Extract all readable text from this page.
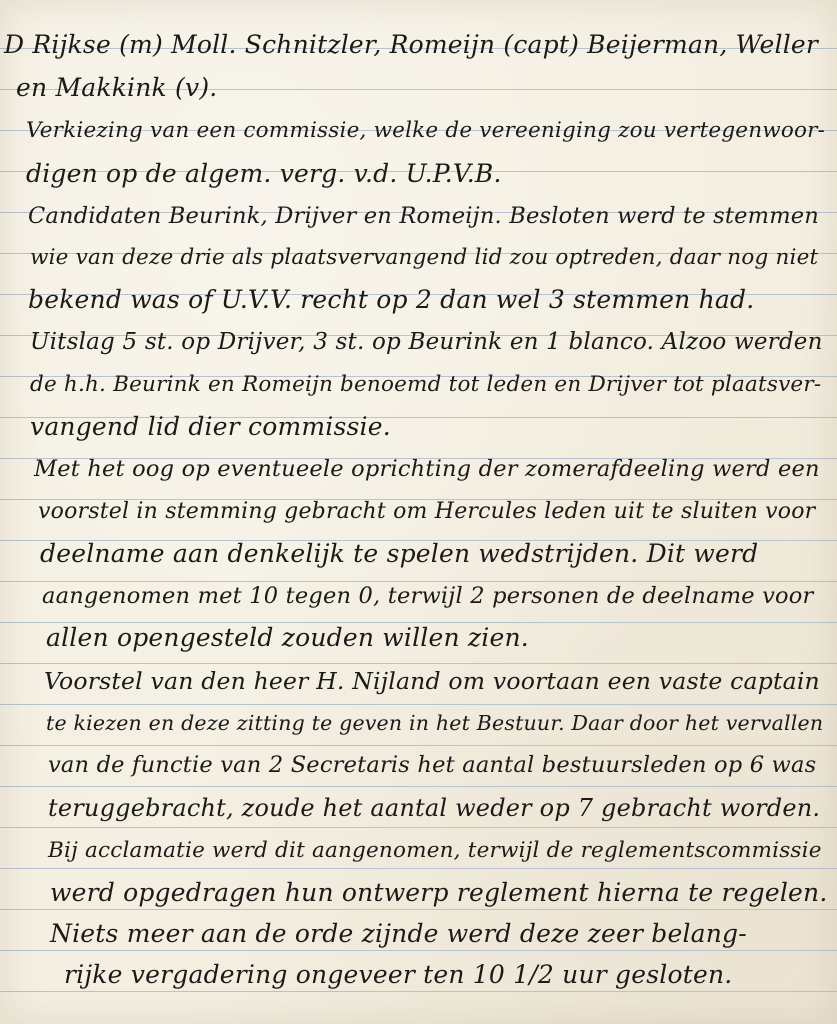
D Rijkse (m) Moll. Schnitzler, Romeijn (capt) Beijerman, Weller
en Makkink (v).
Verkiezing van een commissie, welke de vereeniging zou vertegenwoor-
digen op de algem. verg. v.d. U.P.V.B.
Candidaten Beurink, Drijver en Romeijn. Besloten werd te stemmen
wie van deze drie als plaatsvervangend lid zou optreden, daar nog niet
bekend was of U.V.V. recht op 2 dan wel 3 stemmen had.
Uitslag 5 st. op Drijver, 3 st. op Beurink en 1 blanco. Alzoo werden
de h.h. Beurink en Romeijn benoemd tot leden en Drijver tot plaatsver-
vangend lid dier commissie.
Met het oog op eventueele oprichting der zomerafdeeling werd een
voorstel in stemming gebracht om Hercules leden uit te sluiten voor
deelname aan denkelijk te spelen wedstrijden. Dit werd
aangenomen met 10 tegen 0, terwijl 2 personen de deelname voor
allen opengesteld zouden willen zien.
Voorstel van den heer H. Nijland om voortaan een vaste captain
te kiezen en deze zitting te geven in het Bestuur. Daar door het vervallen
van de functie van 2 Secretaris het aantal bestuursleden op 6 was
teruggebracht, zoude het aantal weder op 7 gebracht worden.
Bij acclamatie werd dit aangenomen, terwijl de reglementscommissie
werd opgedragen hun ontwerp reglement hierna te regelen.
Niets meer aan de orde zijnde werd deze zeer belang-
rijke vergadering ongeveer ten 10 1/2 uur gesloten.
